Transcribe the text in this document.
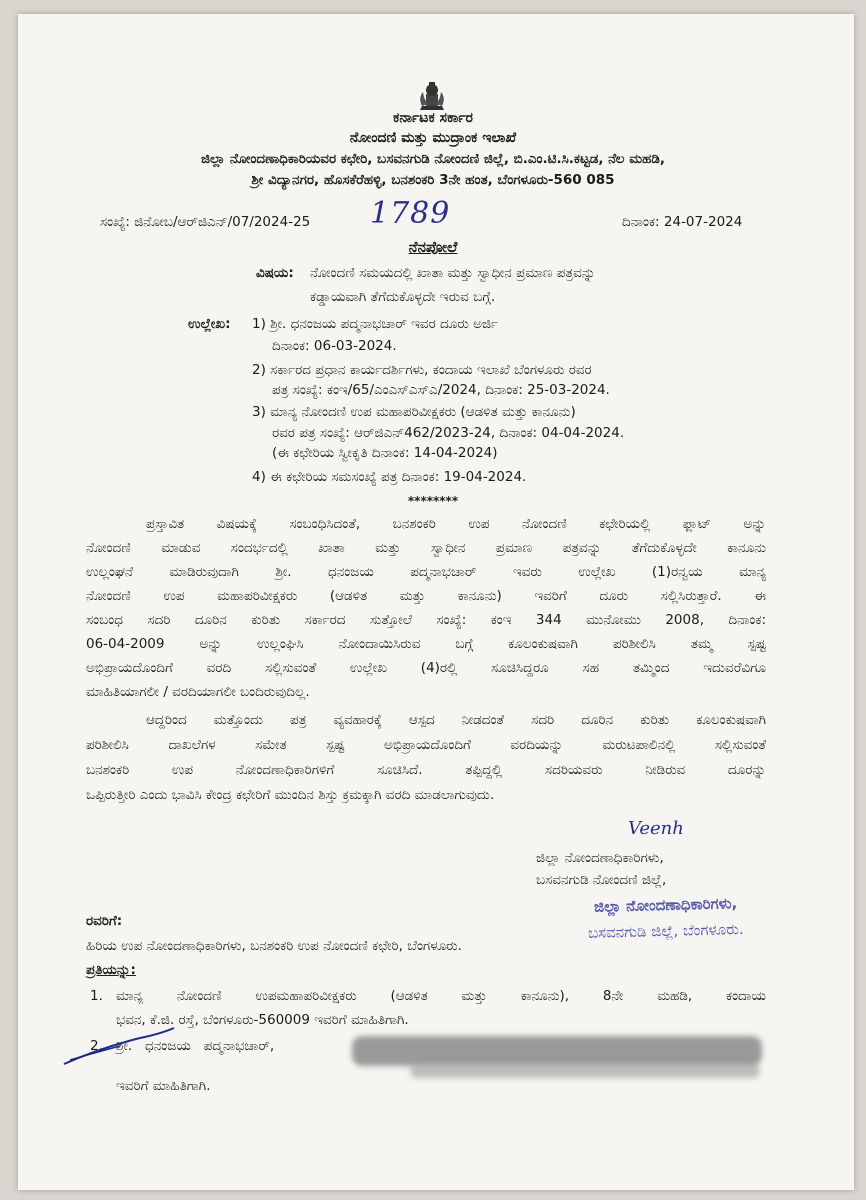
ಕರ್ನಾಟಕ ಸರ್ಕಾರ
ನೋಂದಣಿ ಮತ್ತು ಮುದ್ರಾಂಕ ಇಲಾಖೆ
ಜಿಲ್ಲಾ ನೋಂದಣಾಧಿಕಾರಿಯವರ ಕಛೇರಿ, ಬಸವನಗುಡಿ ನೋಂದಣಿ ಜಿಲ್ಲೆ, ಬಿ.ಎಂ.ಟಿ.ಸಿ.ಕಟ್ಟಡ, ನೆಲ ಮಹಡಿ,
ಶ್ರೀ ವಿದ್ಯಾನಗರ, ಹೊಸಕೆರೆಹಳ್ಳಿ, ಬನಶಂಕರಿ 3ನೇ ಹಂತ, ಬೆಂಗಳೂರು-560 085
ಸಂಖ್ಯೆ: ಜಿನೋಬ/ಆರ್‌ಜಿಎನ್/07/2024-25 1789	ದಿನಾಂಕ: 24-07-2024
ನೆನಪೋಲೆ
ವಿಷಯ: ನೋಂದಣಿ ಸಮಯದಲ್ಲಿ ಖಾತಾ ಮತ್ತು ಸ್ವಾಧೀನ ಪ್ರಮಾಣ ಪತ್ರವನ್ನು
ಕಡ್ಡಾಯವಾಗಿ ತೆಗೆದುಕೊಳ್ಳದೇ ಇರುವ ಬಗ್ಗೆ.
ಉಲ್ಲೇಖ: 1) ಶ್ರೀ. ಧನಂಜಯ ಪದ್ಮನಾಭಚಾರ್ ಇವರ ದೂರು ಅರ್ಜಿ
ದಿನಾಂಕ: 06-03-2024.
2) ಸರ್ಕಾರದ ಪ್ರಧಾನ ಕಾರ್ಯದರ್ಶಿಗಳು, ಕಂದಾಯ ಇಲಾಖೆ ಬೆಂಗಳೂರು ರವರ
ಪತ್ರ ಸಂಖ್ಯೆ: ಕಂಇ/65/ಎಂಎಸ್‌ಎಸ್‌ಎ/2024, ದಿನಾಂಕ: 25-03-2024.
3) ಮಾನ್ಯ ನೋಂದಣಿ ಉಪ ಮಹಾಪರಿವೀಕ್ಷಕರು (ಆಡಳಿತ ಮತ್ತು ಕಾನೂನು)
ರವರ ಪತ್ರ ಸಂಖ್ಯೆ: ಆರ್‌ಜಿಎನ್462/2023-24, ದಿನಾಂಕ: 04-04-2024.
(ಈ ಕಛೇರಿಯ ಸ್ವೀಕೃತಿ ದಿನಾಂಕ: 14-04-2024)
4) ಈ ಕಛೇರಿಯ ಸಮಸಂಖ್ಯೆ ಪತ್ರ ದಿನಾಂಕ: 19-04-2024.
********
ಪ್ರಸ್ತಾವಿತ ವಿಷಯಕ್ಕೆ ಸಂಬಂಧಿಸಿದಂತೆ, ಬನಶಂಕರಿ ಉಪ ನೋಂದಣಿ ಕಛೇರಿಯಲ್ಲಿ ಫ್ಲಾಟ್ ಅನ್ನು
ನೋಂದಣಿ ಮಾಡುವ ಸಂದರ್ಭದಲ್ಲಿ ಖಾತಾ ಮತ್ತು ಸ್ವಾಧೀನ ಪ್ರಮಾಣ ಪತ್ರವನ್ನು ತೆಗೆದುಕೊಳ್ಳದೇ ಕಾನೂನು
ಉಲ್ಲಂಘನೆ ಮಾಡಿರುವುದಾಗಿ ಶ್ರೀ. ಧನಂಜಯ ಪದ್ಮನಾಭಚಾರ್ ಇವರು ಉಲ್ಲೇಖ (1)ರನ್ವಯ ಮಾನ್ಯ
ನೋಂದಣಿ ಉಪ ಮಹಾಪರಿವೀಕ್ಷಕರು (ಆಡಳಿತ ಮತ್ತು ಕಾನೂನು) ಇವರಿಗೆ ದೂರು ಸಲ್ಲಿಸಿರುತ್ತಾರೆ. ಈ
ಸಂಬಂಧ ಸದರಿ ದೂರಿನ ಕುರಿತು ಸರ್ಕಾರದ ಸುತ್ತೋಲೆ ಸಂಖ್ಯೆ: ಕಂಇ 344 ಮುನೋಮು 2008, ದಿನಾಂಕ:
06-04-2009 ಅನ್ನು ಉಲ್ಲಂಘಿಸಿ ನೋಂದಾಯಿಸಿರುವ ಬಗ್ಗೆ ಕೂಲಂಕುಷವಾಗಿ ಪರಿಶೀಲಿಸಿ ತಮ್ಮ ಸ್ಪಷ್ಟ
ಅಭಿಪ್ರಾಯದೊಂದಿಗೆ ವರದಿ ಸಲ್ಲಿಸುವಂತೆ ಉಲ್ಲೇಖ (4)ರಲ್ಲಿ ಸೂಚಿಸಿದ್ದರೂ ಸಹ ತಮ್ಮಿಂದ ಇದುವರೆವಿಗೂ
ಮಾಹಿತಿಯಾಗಲೀ / ವರದಿಯಾಗಲೀ ಬಂದಿರುವುದಿಲ್ಲ.
ಆದ್ದರಿಂದ ಮತ್ತೊಂದು ಪತ್ರ ವ್ಯವಹಾರಕ್ಕೆ ಆಸ್ಪದ ನೀಡದಂತೆ ಸದರಿ ದೂರಿನ ಕುರಿತು ಕೂಲಂಕುಷವಾಗಿ
ಪರಿಶೀಲಿಸಿ ದಾಖಲೆಗಳ ಸಮೇತ ಸ್ಪಷ್ಟ ಅಭಿಪ್ರಾಯದೊಂದಿಗೆ ವರದಿಯನ್ನು ಮರುಟಪಾಲಿನಲ್ಲಿ ಸಲ್ಲಿಸುವಂತೆ
ಬನಶಂಕರಿ ಉಪ ನೋಂದಣಾಧಿಕಾರಿಗಳಿಗೆ ಸೂಚಿಸಿದೆ. ತಪ್ಪಿದ್ದಲ್ಲಿ ಸದರಿಯವರು ನೀಡಿರುವ ದೂರನ್ನು
ಒಪ್ಪಿರುತ್ತೀರಿ ಎಂದು ಭಾವಿಸಿ ಕೇಂದ್ರ ಕಛೇರಿಗೆ ಮುಂದಿನ ಶಿಸ್ತು ಕ್ರಮಕ್ಕಾಗಿ ವರದಿ ಮಾಡಲಾಗುವುದು.
Veenh
ಜಿಲ್ಲಾ ನೋಂದಣಾಧಿಕಾರಿಗಳು,
ಬಸವನಗುಡಿ ನೋಂದಣಿ ಜಿಲ್ಲೆ,
ಜಿಲ್ಲಾ ನೋಂದಣಾಧಿಕಾರಿಗಳು,
ಬಸವನಗುಡಿ ಜಿಲ್ಲೆ, ಬೆಂಗಳೂರು.
ರವರಿಗೆ:
ಹಿರಿಯ ಉಪ ನೋಂದಣಾಧಿಕಾರಿಗಳು, ಬನಶಂಕರಿ ಉಪ ನೋಂದಣಿ ಕಛೇರಿ, ಬೆಂಗಳೂರು.
ಪ್ರತಿಯನ್ನು:
1. ಮಾನ್ಯ ನೋಂದಣಿ ಉಪಮಹಾಪರಿವೀಕ್ಷಕರು (ಆಡಳಿತ ಮತ್ತು ಕಾನೂನು), 8ನೇ ಮಹಡಿ, ಕಂದಾಯ
ಭವನ, ಕೆ.ಜಿ. ರಸ್ತೆ, ಬೆಂಗಳೂರು-560009 ಇವರಿಗೆ ಮಾಹಿತಿಗಾಗಿ.
2. ಶ್ರೀ.   ಧನಂಜಯ   ಪದ್ಮನಾಭಚಾರ್,
ಇವರಿಗೆ ಮಾಹಿತಿಗಾಗಿ.
